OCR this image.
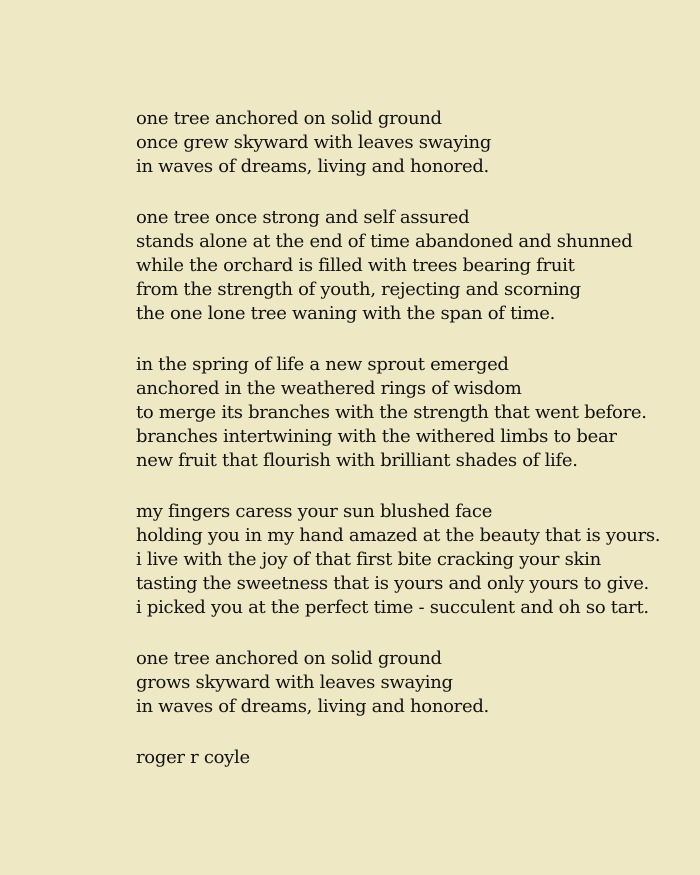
one tree anchored on solid ground
once grew skyward with leaves swaying
in waves of dreams, living and honored.
one tree once strong and self assured
stands alone at the end of time abandoned and shunned
while the orchard is filled with trees bearing fruit
from the strength of youth, rejecting and scorning
the one lone tree waning with the span of time.
in the spring of life a new sprout emerged
anchored in the weathered rings of wisdom
to merge its branches with the strength that went before.
branches intertwining with the withered limbs to bear
new fruit that flourish with brilliant shades of life.
my fingers caress your sun blushed face
holding you in my hand amazed at the beauty that is yours.
i live with the joy of that first bite cracking your skin
tasting the sweetness that is yours and only yours to give.
i picked you at the perfect time - succulent and oh so tart.
one tree anchored on solid ground
grows skyward with leaves swaying
in waves of dreams, living and honored.
roger r coyle
